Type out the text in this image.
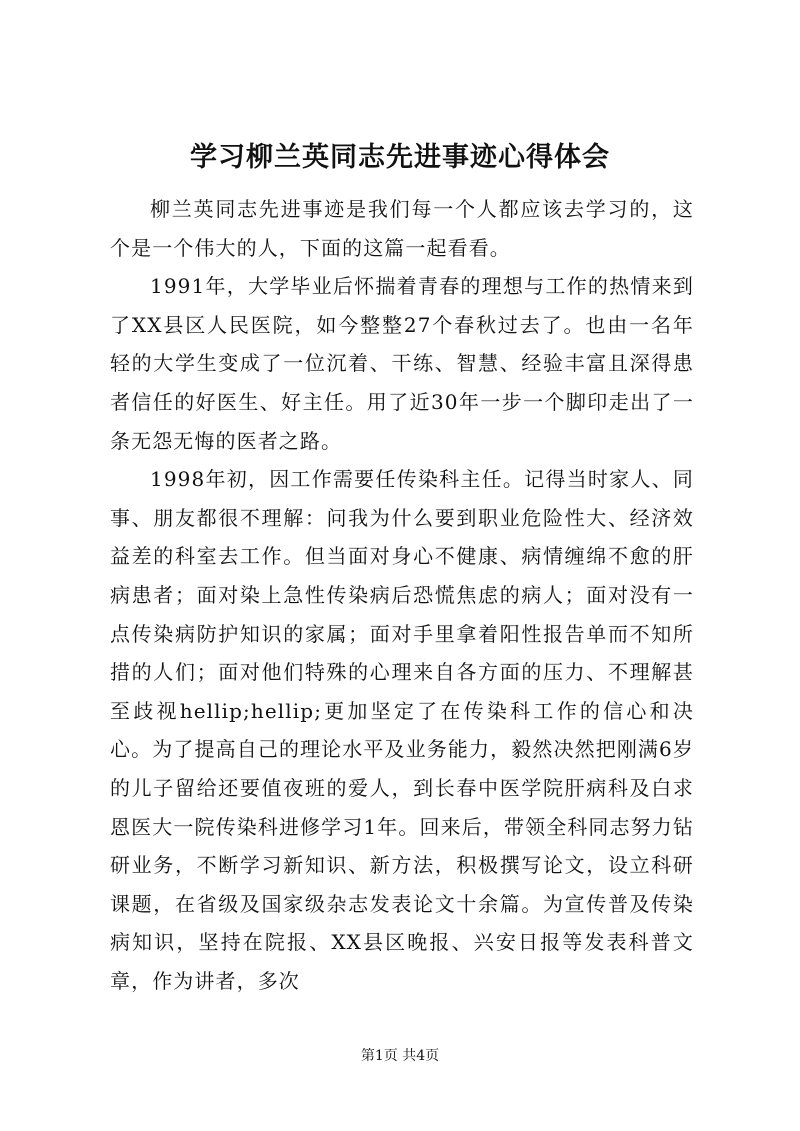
学习柳兰英同志先进事迹心得体会

柳兰英同志先进事迹是我们每一个人都应该去学习的，这个是一个伟大的人，下面的这篇一起看看。

1991年，大学毕业后怀揣着青春的理想与工作的热情来到了XX县区人民医院，如今整整27个春秋过去了。也由一名年轻的大学生变成了一位沉着、干练、智慧、经验丰富且深得患者信任的好医生、好主任。用了近30年一步一个脚印走出了一条无怨无悔的医者之路。

1998年初，因工作需要任传染科主任。记得当时家人、同事、朋友都很不理解：问我为什么要到职业危险性大、经济效益差的科室去工作。但当面对身心不健康、病情缠绵不愈的肝病患者；面对染上急性传染病后恐慌焦虑的病人；面对没有一点传染病防护知识的家属；面对手里拿着阳性报告单而不知所措的人们；面对他们特殊的心理来自各方面的压力、不理解甚至歧视hellip;hellip;更加坚定了在传染科工作的信心和决心。为了提高自己的理论水平及业务能力，毅然决然把刚满6岁的儿子留给还要值夜班的爱人，到长春中医学院肝病科及白求恩医大一院传染科进修学习1年。回来后，带领全科同志努力钻研业务，不断学习新知识、新方法，积极撰写论文，设立科研课题，在省级及国家级杂志发表论文十余篇。为宣传普及传染病知识，坚持在院报、XX县区晚报、兴安日报等发表科普文章，作为讲者，多次

第1页 共4页
